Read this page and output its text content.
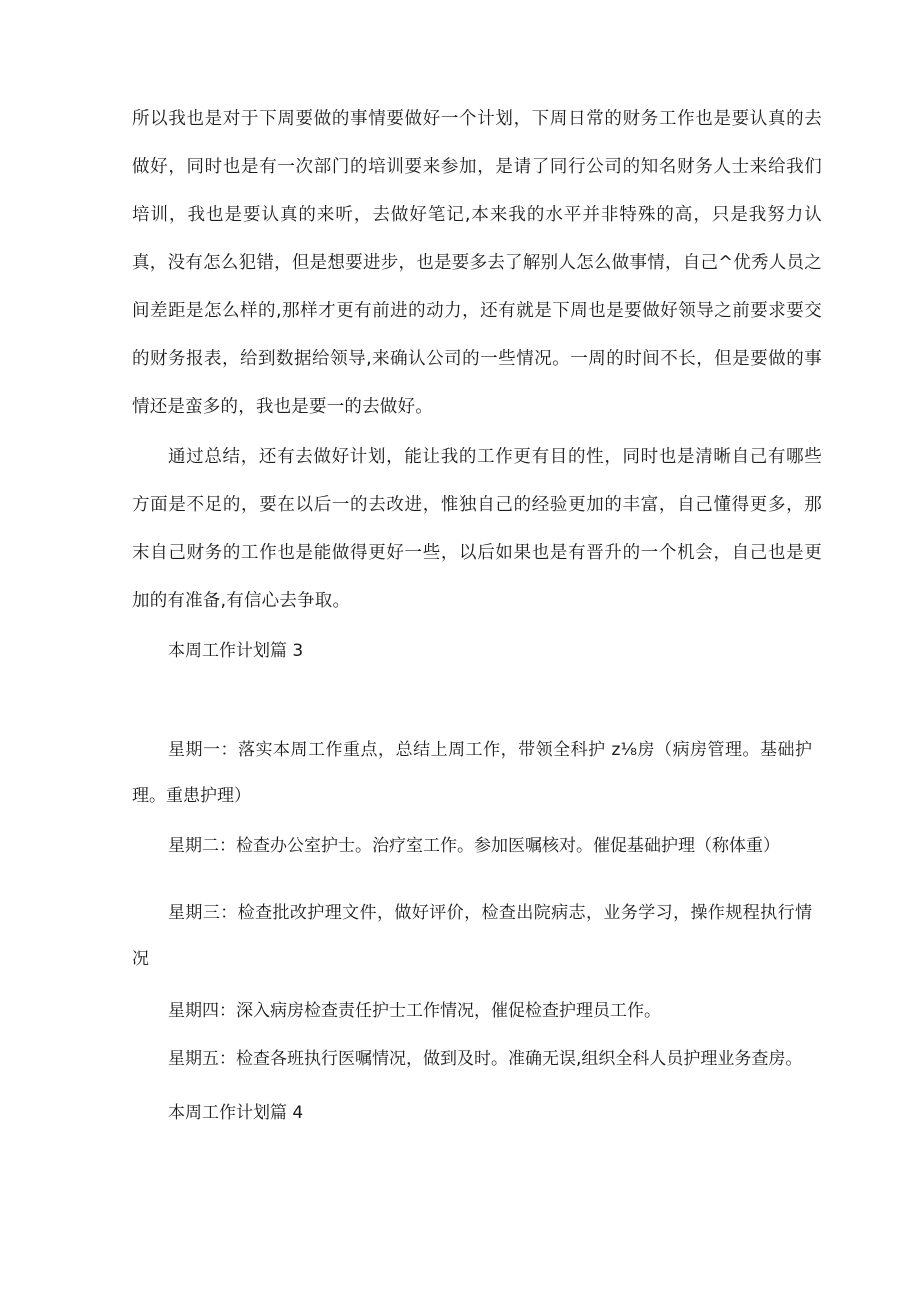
所以我也是对于下周要做的事情要做好一个计划，下周日常的财务工作也是要认真的去做好，同时也是有一次部门的培训要来参加，是请了同行公司的知名财务人士来给我们培训，我也是要认真的来听，去做好笔记,本来我的水平并非特殊的高，只是我努力认真，没有怎么犯错，但是想要进步，也是要多去了解别人怎么做事情，自己^优秀人员之间差距是怎么样的,那样才更有前进的动力，还有就是下周也是要做好领导之前要求要交的财务报表，给到数据给领导,来确认公司的一些情况。一周的时间不长，但是要做的事情还是蛮多的，我也是要一的去做好。

通过总结，还有去做好计划，能让我的工作更有目的性，同时也是清晰自己有哪些方面是不足的，要在以后一的去改进，惟独自己的经验更加的丰富，自己懂得更多，那末自己财务的工作也是能做得更好一些，以后如果也是有晋升的一个机会，自己也是更加的有准备,有信心去争取。

本周工作计划篇 3

星期一：落实本周工作重点，总结上周工作，带领全科护 z⅛房（病房管理。基础护理。重患护理）

星期二：检查办公室护士。治疗室工作。参加医嘱核对。催促基础护理（称体重）

星期三：检查批改护理文件，做好评价，检查出院病志，业务学习，操作规程执行情况

星期四：深入病房检查责任护士工作情况，催促检查护理员工作。

星期五：检查各班执行医嘱情况，做到及时。准确无误,组织全科人员护理业务查房。

本周工作计划篇 4
